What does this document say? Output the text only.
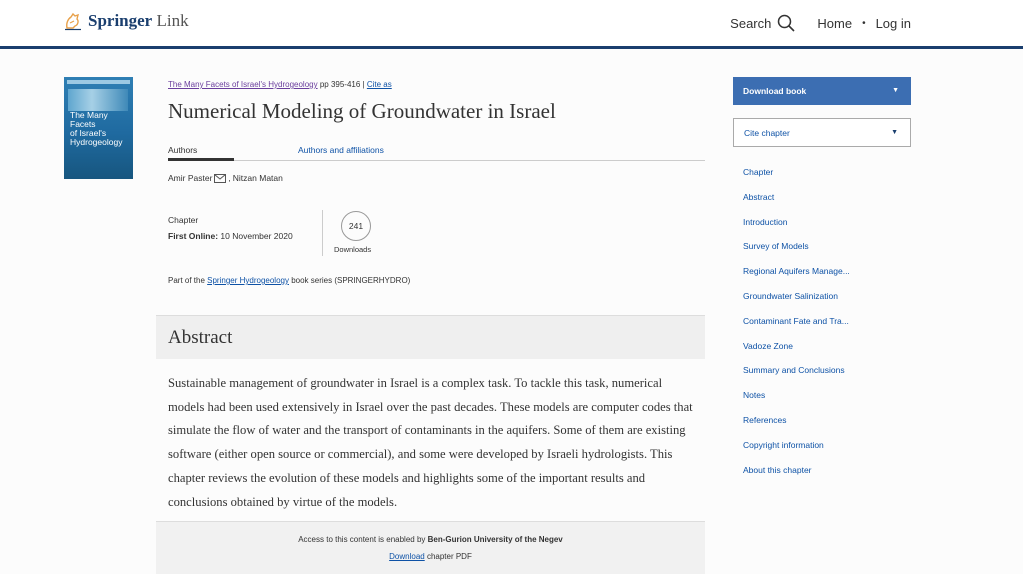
Springer Link	Search	Home • Log in
The Many
Facets
of Israel's
Hydrogeology
The Many Facets of Israel's Hydrogeology pp 395-416 | Cite as
Numerical Modeling of Groundwater in Israel
Authors	Authors and affiliations
Amir Paster , Nitzan Matan
Chapter
First Online: 10 November 2020
241
Downloads
Part of the Springer Hydrogeology book series (SPRINGERHYDRO)
Abstract

Sustainable management of groundwater in Israel is a complex task. To tackle this task, numerical models had been used extensively in Israel over the past decades. These models are computer codes that simulate the flow of water and the transport of contaminants in the aquifers. Some of them are existing software (either open source or commercial), and some were developed by Israeli hydrologists. This chapter reviews the evolution of these models and highlights some of the important results and conclusions obtained by virtue of the models.

Access to this content is enabled by Ben-Gurion University of the Negev
Download chapter PDF
Download book	▼
Cite chapter	▼
Chapter
Abstract
Introduction
Survey of Models
Regional Aquifers Manage...
Groundwater Salinization
Contaminant Fate and Tra...
Vadoze Zone
Summary and Conclusions
Notes
References
Copyright information
About this chapter
